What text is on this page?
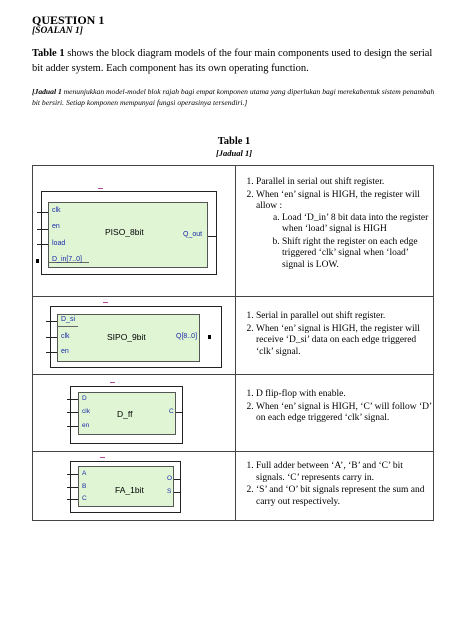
QUESTION 1
[SOALAN 1]
Table 1 shows the block diagram models of the four main components used to design the serial bit adder system. Each component has its own operating function.
[Jadual 1 menunjukkan model-model blok rajah bagi empat komponen utama yang diperlukan bagi merekabentuk sistem penambah bit bersiri. Setiap komponen mempunyai fungsi operasinya tersendiri.]
Table 1
[Jadual 1]
clk
en
load
D_in[7..0]
PISO_8bit	Q_out
1. Parallel in serial out shift register.
2. When ‘en’ signal is HIGH, the register will allow :
a. Load ‘D_in’ 8 bit data into the register when ‘load’ signal is HIGH
b. Shift right the register on each edge triggered ‘clk’ signal when ‘load’ signal is LOW.
D_si
clk
en
SIPO_9bit	Q[8..0]
1. Serial in parallel out shift register.
2. When ‘en’ signal is HIGH, the register will receive ‘D_si’ data on each edge triggered ‘clk’ signal.
D
clk
en
D_ff	C
1. D flip-flop with enable.
2. When ‘en’ signal is HIGH, ‘C’ will follow ‘D’ on each edge triggered ‘clk’ signal.
A
B
C
FA_1bit
O
S
1. Full adder between ‘A’, ‘B’ and ‘C’ bit signals. ‘C’ represents carry in.
2. ‘S’ and ‘O’ bit signals represent the sum and carry out respectively.
